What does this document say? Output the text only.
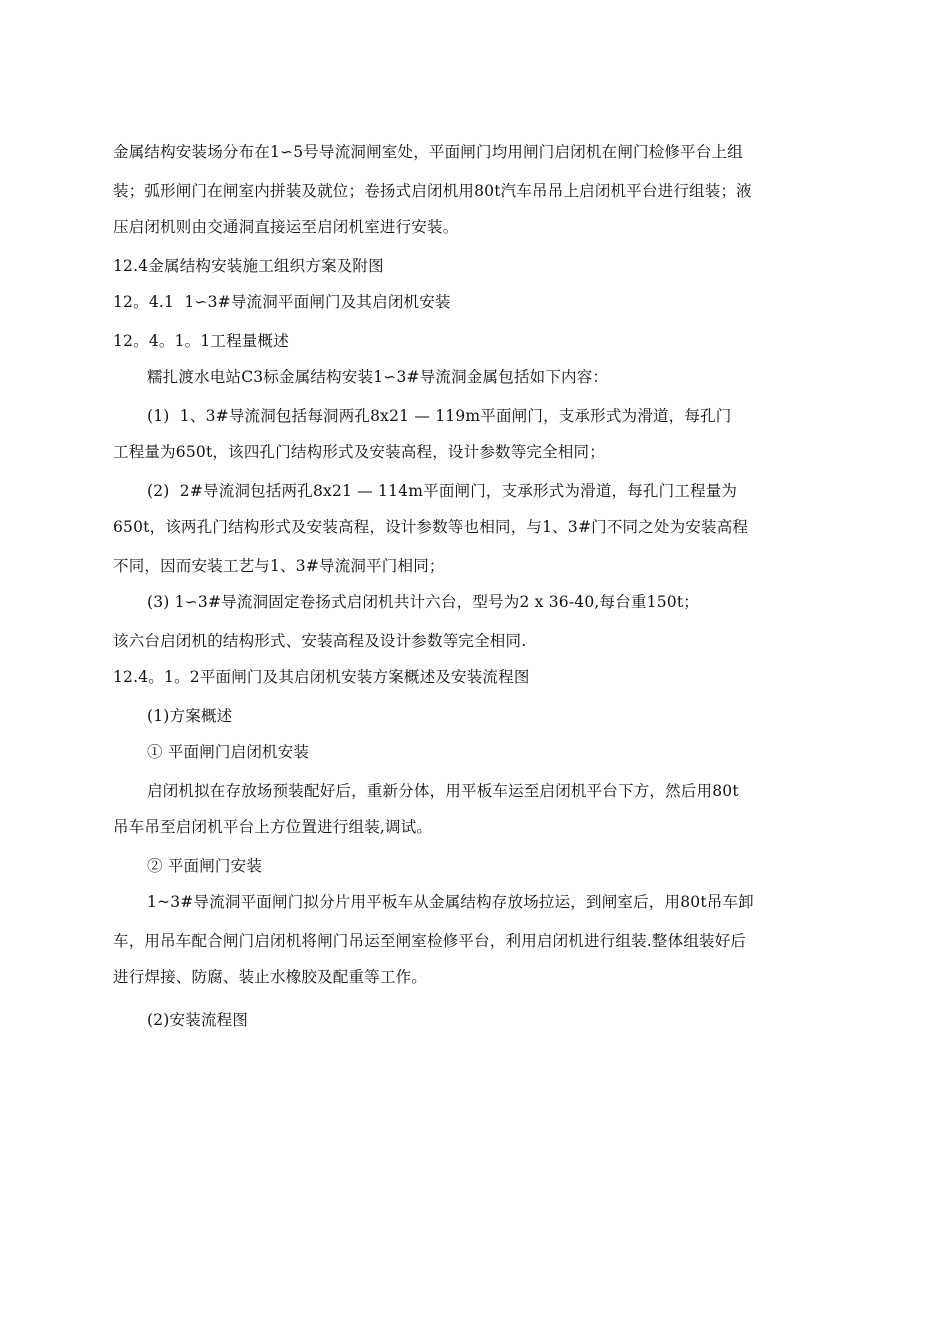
金属结构安装场分布在1∽5号导流洞闸室处，平面闸门均用闸门启闭机在闸门检修平台上组
装；弧形闸门在闸室内拼装及就位；卷扬式启闭机用80t汽车吊吊上启闭机平台进行组装；液
压启闭机则由交通洞直接运至启闭机室进行安装。
12.4金属结构安装施工组织方案及附图
12。4.1  1∽3#导流洞平面闸门及其启闭机安装
12。4。1。1工程量概述
糯扎渡水电站C3标金属结构安装1∽3#导流洞金属包括如下内容：
(1)  1、3#导流洞包括每洞两孔8x21 — 119m平面闸门，支承形式为滑道，每孔门
工程量为650t，该四孔门结构形式及安装高程，设计参数等完全相同；
(2)  2#导流洞包括两孔8x21 — 114m平面闸门，支承形式为滑道，每孔门工程量为
650t，该两孔门结构形式及安装高程，设计参数等也相同，与1、3#门不同之处为安装高程
不同，因而安装工艺与1、3#导流洞平门相同；
(3) 1∽3#导流洞固定卷扬式启闭机共计六台，型号为2 x 36-40,每台重150t；
该六台启闭机的结构形式、安装高程及设计参数等完全相同.
12.4。1。2平面闸门及其启闭机安装方案概述及安装流程图
(1)方案概述
① 平面闸门启闭机安装
启闭机拟在存放场预装配好后，重新分体，用平板车运至启闭机平台下方，然后用80t
吊车吊至启闭机平台上方位置进行组装,调试。
② 平面闸门安装
1~3#导流洞平面闸门拟分片用平板车从金属结构存放场拉运，到闸室后，用80t吊车卸
车，用吊车配合闸门启闭机将闸门吊运至闸室检修平台，利用启闭机进行组装.整体组装好后
进行焊接、防腐、装止水橡胶及配重等工作。
(2)安装流程图
